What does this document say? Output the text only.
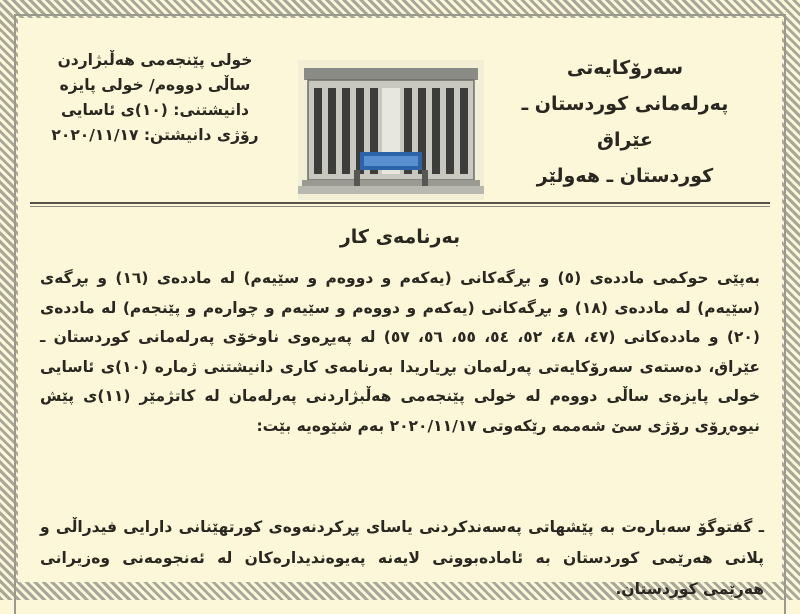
سەرۆکایەتی
پەرلەمانی کوردستان ـ عێراق
کوردستان ـ هەولێر
خولی پێنجەمی هەڵبژاردن
ساڵی دووەم/ خولی پایزە
دانیشتنی: (١٠)ی ئاسایی
رۆژی دانیشتن: ٢٠٢٠/١١/١٧
بەرنامەی کار

بەپێی حوکمی ماددەی (٥) و بڕگەکانی (یەکەم و دووەم و سێیەم) لە ماددەی (١٦) و بڕگەی (سێیەم) لە ماددەی (١٨) و بڕگەکانی (یەکەم و دووەم و سێیەم و چوارەم و پێنجەم) لە ماددەی (٢٠) و ماددەکانی (٤٧، ٤٨، ٥٢، ٥٤، ٥٥، ٥٦، ٥٧) لە پەیڕەوی ناوخۆی پەرلەمانی کوردستان ـ عێراق، دەستەی سەرۆکایەتی پەرلەمان بڕیاریدا بەرنامەی کاری دانیشتنی ژمارە (١٠)ی ئاسایی خولی پایزەی ساڵی دووەم لە خولی پێنجەمی هەڵبژاردنی پەرلەمان لە کاتژمێر (١١)ی پێش نیوەڕۆی رۆژی سێ شەممە رێکەوتی ٢٠٢٠/١١/١٧ بەم شێوەیە بێت:

ـ گفتوگۆ سەبارەت بە پێشهاتی پەسەندکردنی یاسای پڕکردنەوەی کورتهێنانی دارایی فیدراڵی و پلانی هەرێمی کوردستان بە ئامادەبوونی لایەنە پەیوەندیدارەکان لە ئەنجومەنی وەزیرانی هەرێمی کوردستان.
